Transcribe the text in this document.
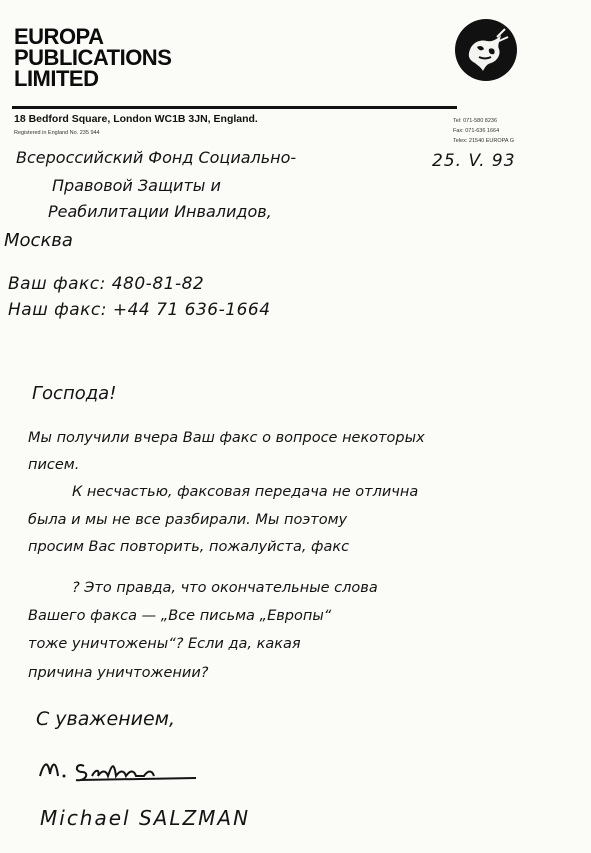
EUROPA
PUBLICATIONS
LIMITED
18 Bedford Square, London WC1B 3JN, England.
Registered in England No. 235 944
Tel: 071-580 8236
Fax: 071-636 1664
Telex: 21540 EUROPA G
25. V. 93
Всероссийский Фонд Социально-
Правовой Защиты и
Реабилитации Инвалидов,
Москва
Ваш факс: 480-81-82
Наш факс: +44 71 636-1664
Господа!
Мы получили вчера Ваш факс о вопросе некоторых
писем.
К несчастью, факсовая передача не отлична
была и мы не все разбирали. Мы поэтому
просим Вас повторить, пожалуйста, факс
? Это правда, что окончательные слова
Вашего факса — „Все письма „Европы“
тоже уничтожены“? Если да, какая
причина уничтожении?
С уважением,
Michael SALZMAN
